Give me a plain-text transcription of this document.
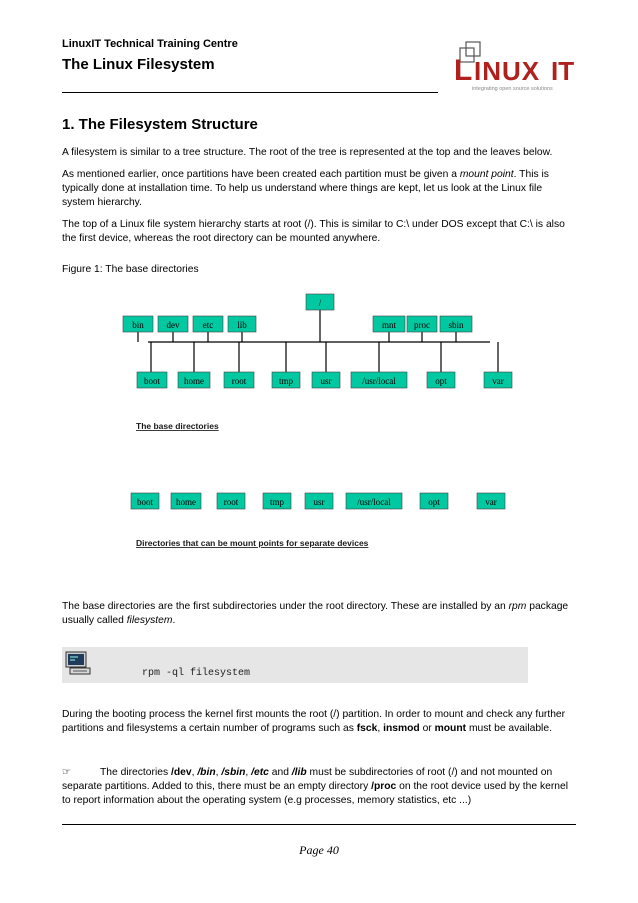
LinuxIT Technical Training Centre
The Linux Filesystem	L INUX IT
integrating open source solutions
1. The Filesystem Structure
A filesystem is similar to a tree structure. The root of the tree is represented at the top and the leaves below.
As mentioned earlier, once partitions have been created each partition must be given a mount point. This is typically done at installation time. To help us understand where things are kept, let us look at the Linux file system hierarchy.
The top of a Linux file system hierarchy starts at root (/). This is similar to C:\ under DOS except that C:\ is also the first device, whereas the root directory can be mounted anywhere.
Figure 1: The base directories
/
bin	dev	etc	lib	mnt proc sbin
boot	home	root	tmp	usr	/usr/local	opt	var
The base directories
boot	home	root	tmp	usr	/usr/local	opt	var
Directories that can be mount points for separate devices
The base directories are the first subdirectories under the root directory. These are installed by an rpm package usually called filesystem.
rpm -ql filesystem
During the booting process the kernel first mounts the root (/) partition. In order to mount and check any further partitions and filesystems a certain number of programs such as fsck, insmod or mount must be available.
☞	The directories /dev, /bin, /sbin, /etc and /lib must be subdirectories of root (/) and not mounted on separate partitions. Added to this, there must be an empty directory /proc on the root device used by the kernel to report information about the operating system (e.g processes, memory statistics, etc ...)
Page 40
